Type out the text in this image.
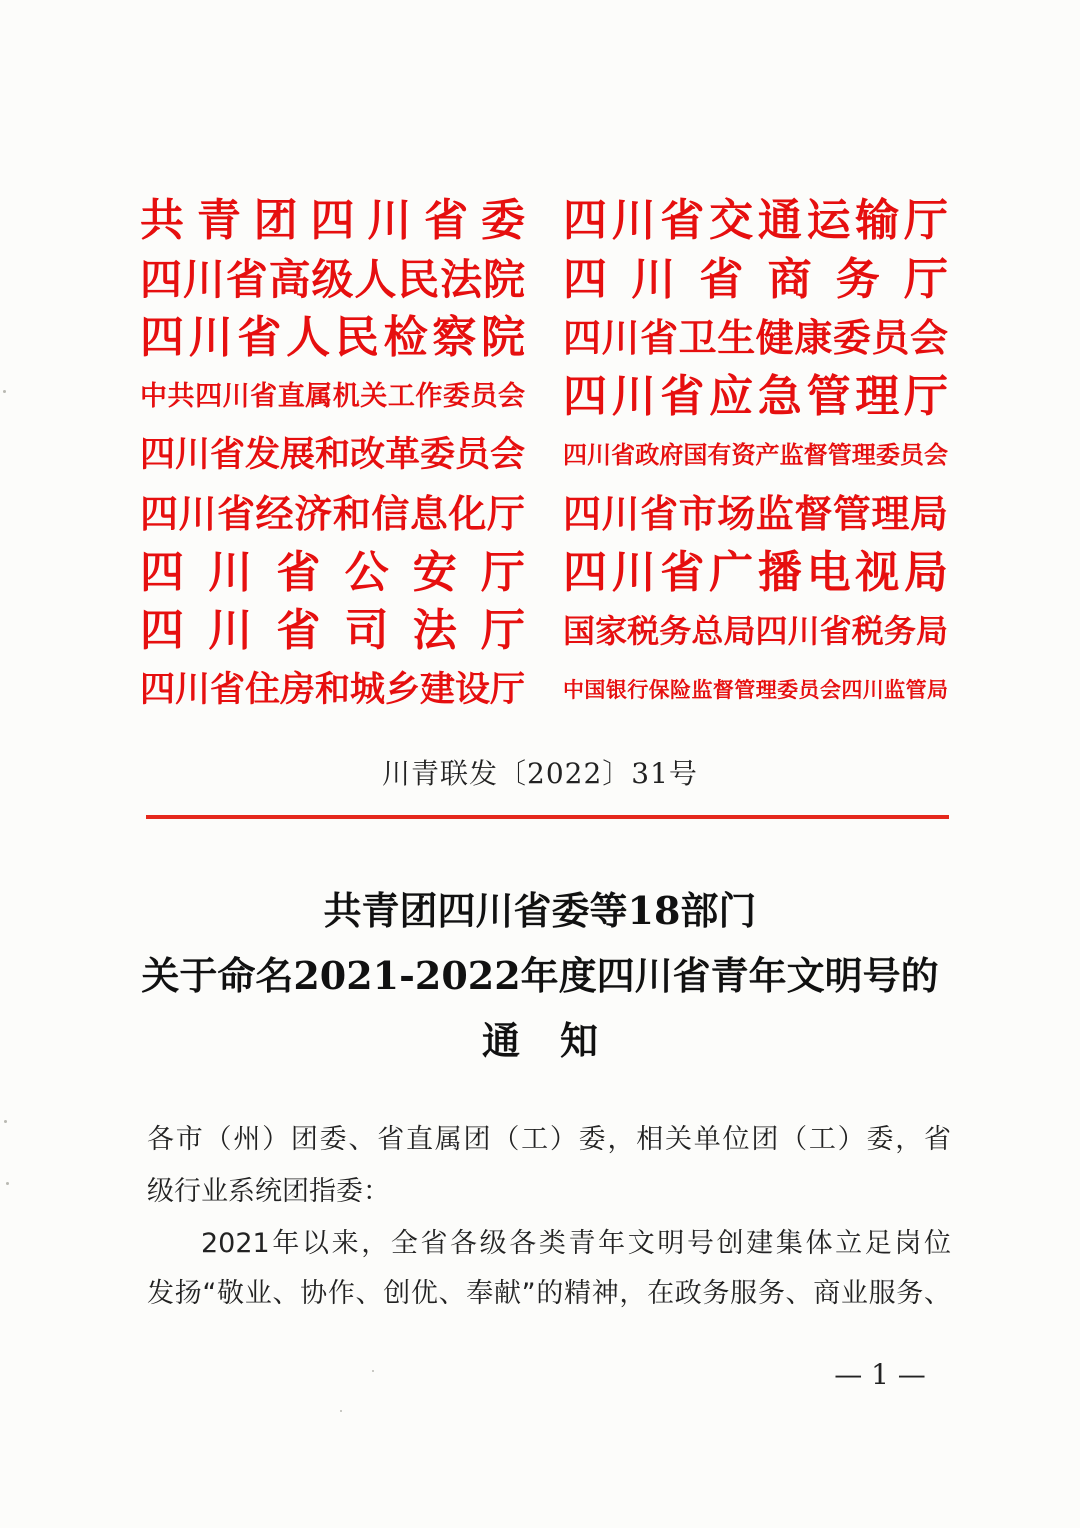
共青团四川省委
四川省高级人民法院
四川省人民检察院
中共四川省直属机关工作委员会
四川省发展和改革委员会
四川省经济和信息化厅
四川省公安厅
四川省司法厅
四川省住房和城乡建设厅
四川省交通运输厅
四川省商务厅
四川省卫生健康委员会
四川省应急管理厅
四川省政府国有资产监督管理委员会
四川省市场监督管理局
四川省广播电视局
国家税务总局四川省税务局
中国银行保险监督管理委员会四川监管局
川青联发〔2022〕31号
共青团四川省委等18部门
关于命名2021-2022年度四川省青年文明号的
通知
各市（州）团委、省直属团（工）委，相关单位团（工）委，省
级行业系统团指委：
2021年以来，全省各级各类青年文明号创建集体立足岗位
发扬“敬业、协作、创优、奉献”的精神，在政务服务、商业服务、
— 1 —
